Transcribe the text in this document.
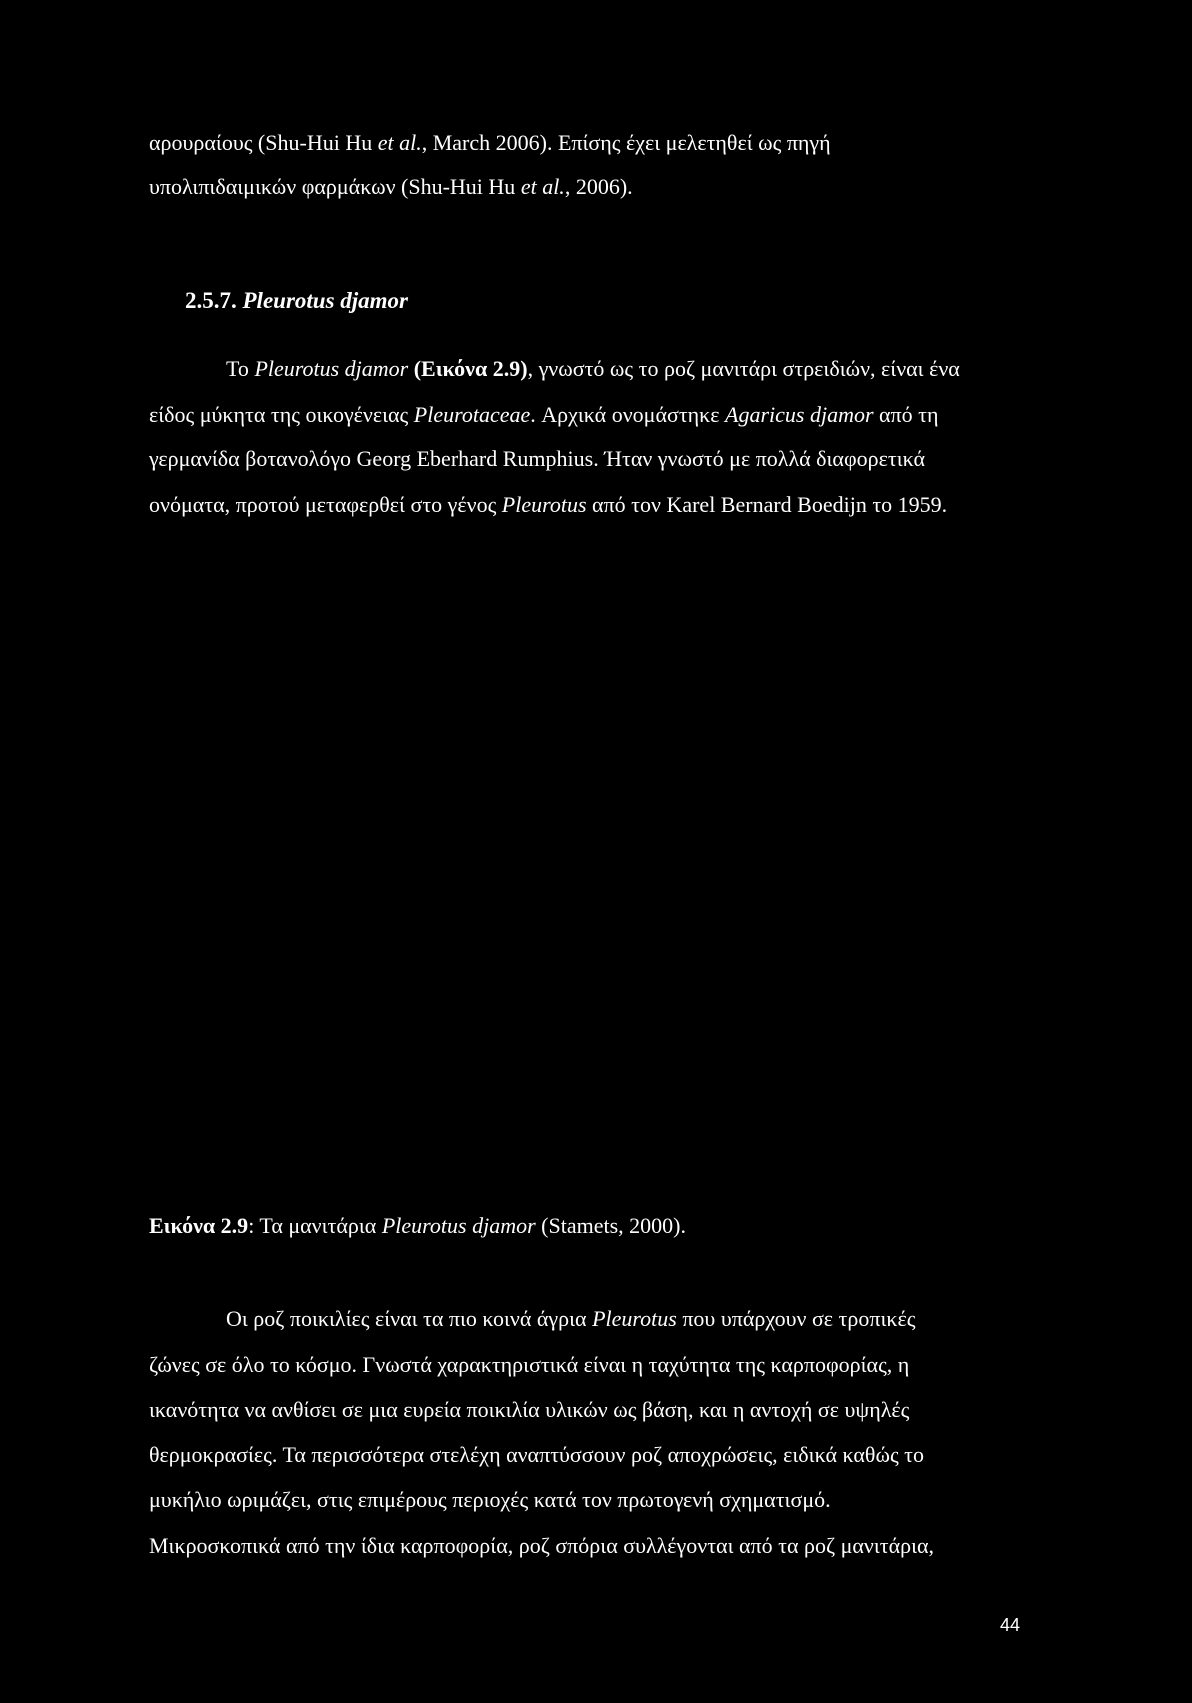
αρουραίους (Shu-Hui Hu et al., March 2006). Επίσης έχει μελετηθεί ως πηγή
υπολιπιδαιμικών φαρμάκων (Shu-Hui Hu et al., 2006).
2.5.7. Pleurotus djamor
Το Pleurotus djamor (Εικόνα 2.9), γνωστό ως το ροζ μανιτάρι στρειδιών, είναι ένα
είδος μύκητα της οικογένειας Pleurotaceae. Αρχικά ονομάστηκε Agaricus djamor από τη
γερμανίδα βοτανολόγο Georg Eberhard Rumphius. Ήταν γνωστό με πολλά διαφορετικά
ονόματα, προτού μεταφερθεί στο γένος Pleurotus από τον Karel Bernard Boedijn το 1959.
Εικόνα 2.9: Τα μανιτάρια Pleurotus djamor (Stamets, 2000).
Οι ροζ ποικιλίες είναι τα πιο κοινά άγρια Pleurotus που υπάρχουν σε τροπικές
ζώνες σε όλο το κόσμο. Γνωστά χαρακτηριστικά είναι η ταχύτητα της καρποφορίας, η
ικανότητα να ανθίσει σε μια ευρεία ποικιλία υλικών ως βάση, και η αντοχή σε υψηλές
θερμοκρασίες. Τα περισσότερα στελέχη αναπτύσσουν ροζ αποχρώσεις, ειδικά καθώς το
μυκήλιο ωριμάζει, στις επιμέρους περιοχές κατά τον πρωτογενή σχηματισμό.
Μικροσκοπικά από την ίδια καρποφορία, ροζ σπόρια συλλέγονται από τα ροζ μανιτάρια,
44
